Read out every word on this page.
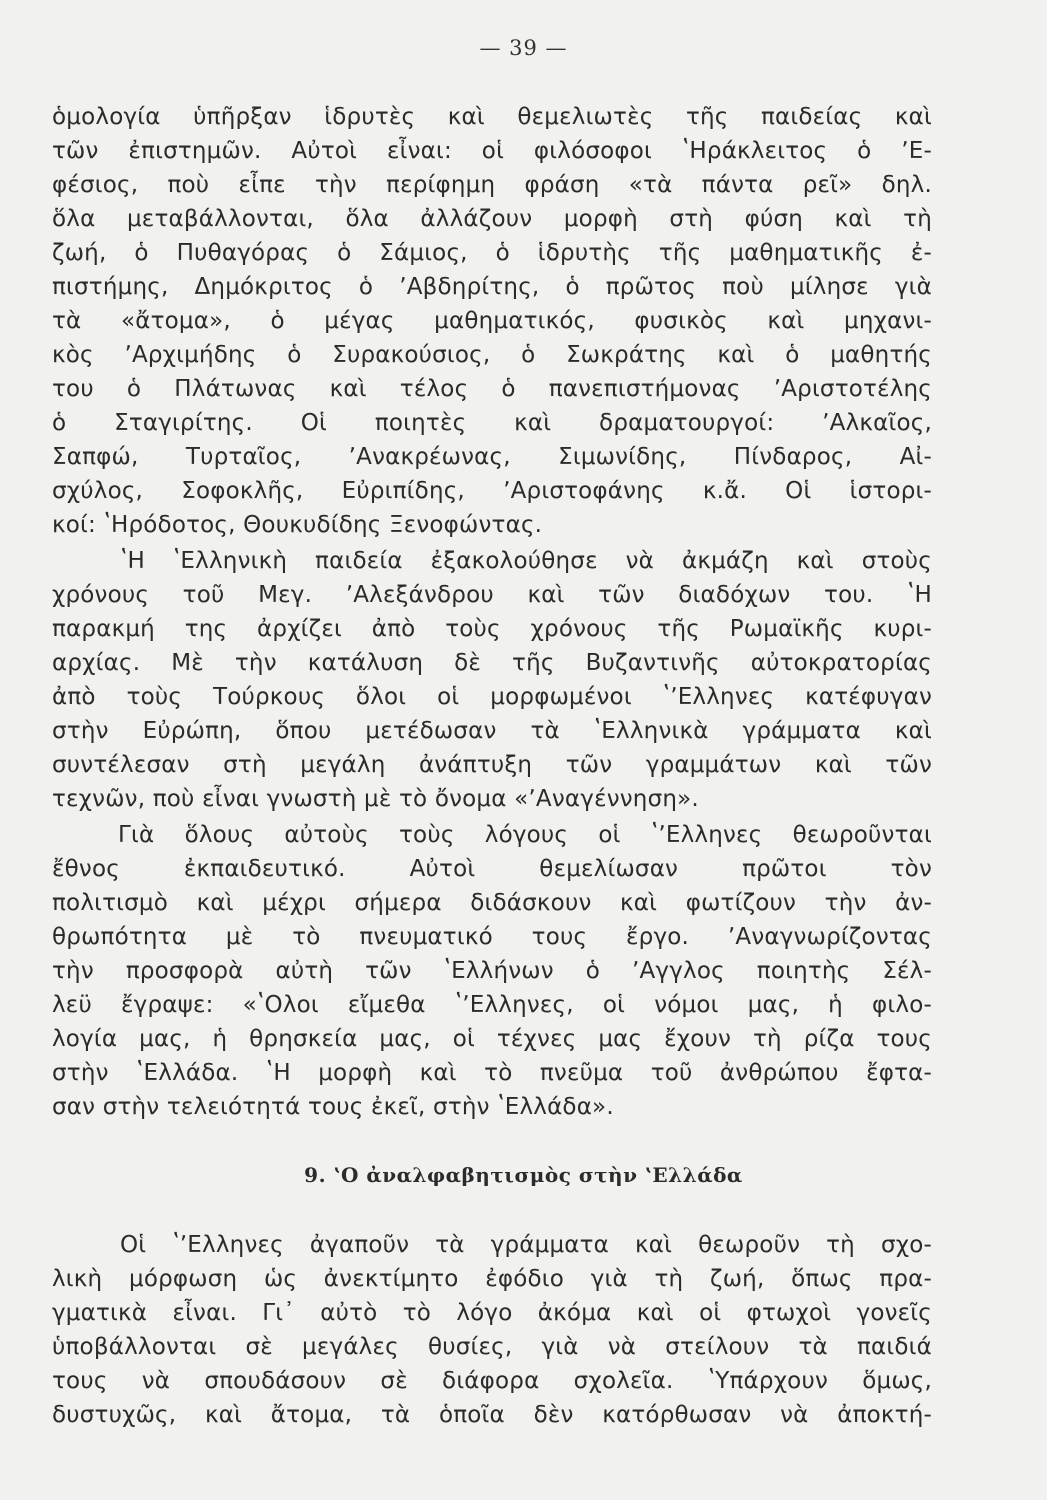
— 39 —
ὁμολογία ὑπῆρξαν ἱδρυτὲς καὶ θεμελιωτὲς τῆς παιδείας καὶ
τῶν ἐπιστημῶν. Αὐτοὶ εἶναι: οἱ φιλόσοφοι ʽΗράκλειτος ὁ ʼΕ-
φέσιος, ποὺ εἶπε τὴν περίφημη φράση «τὰ πάντα ρεῖ» δηλ.
ὅλα μεταβάλλονται, ὅλα ἀλλάζουν μορφὴ στὴ φύση καὶ τὴ
ζωή, ὁ Πυθαγόρας ὁ Σάμιος, ὁ ἱδρυτὴς τῆς μαθηματικῆς ἐ-
πιστήμης, Δημόκριτος ὁ ʼΑβδηρίτης, ὁ πρῶτος ποὺ μίλησε γιὰ
τὰ «ἄτομα», ὁ μέγας μαθηματικός, φυσικὸς καὶ μηχανι-
κὸς ʼΑρχιμήδης ὁ Συρακούσιος, ὁ Σωκράτης καὶ ὁ μαθητής
του ὁ Πλάτωνας καὶ τέλος ὁ πανεπιστήμονας ʼΑριστοτέλης
ὁ Σταγιρίτης. Οἱ ποιητὲς καὶ δραματουργοί: ʼΑλκαῖος,
Σαπφώ, Τυρταῖος, ʼΑνακρέωνας, Σιμωνίδης, Πίνδαρος, Αἰ-
σχύλος, Σοφοκλῆς, Εὐριπίδης, ʼΑριστοφάνης κ.ἄ. Οἱ ἱστορι-
κοί: ʽΗρόδοτος, Θουκυδίδης Ξενοφώντας.
ʽΗ ʽΕλληνικὴ παιδεία ἐξακολούθησε νὰ ἀκμάζη καὶ στοὺς
χρόνους τοῦ Μεγ. ʼΑλεξάνδρου καὶ τῶν διαδόχων του. ʽΗ
παρακμή της ἀρχίζει ἀπὸ τοὺς χρόνους τῆς Ρωμαϊκῆς κυρι-
αρχίας. Μὲ τὴν κατάλυση δὲ τῆς Βυζαντινῆς αὐτοκρατορίας
ἀπὸ τοὺς Τούρκους ὅλοι οἱ μορφωμένοι ʽʼΕλληνες κατέφυγαν
στὴν Εὐρώπη, ὅπου μετέδωσαν τὰ ʽΕλληνικὰ γράμματα καὶ
συντέλεσαν στὴ μεγάλη ἀνάπτυξη τῶν γραμμάτων καὶ τῶν
τεχνῶν, ποὺ εἶναι γνωστὴ μὲ τὸ ὄνομα «ʼΑναγέννηση».
Γιὰ ὅλους αὐτοὺς τοὺς λόγους οἱ ʽʼΕλληνες θεωροῦνται
ἔθνος ἐκπαιδευτικό. Αὐτοὶ θεμελίωσαν πρῶτοι τὸν
πολιτισμὸ καὶ μέχρι σήμερα διδάσκουν καὶ φωτίζουν τὴν ἀν-
θρωπότητα μὲ τὸ πνευματικό τους ἔργο. ʼΑναγνωρίζοντας
τὴν προσφορὰ αὐτὴ τῶν ʽΕλλήνων ὁ ʼΑγγλος ποιητὴς Σέλ-
λεϋ ἔγραψε: «ʽΟλοι εἴμεθα ʽʼΕλληνες, οἱ νόμοι μας, ἡ φιλο-
λογία μας, ἡ θρησκεία μας, οἱ τέχνες μας ἔχουν τὴ ρίζα τους
στὴν ʽΕλλάδα. ʽΗ μορφὴ καὶ τὸ πνεῦμα τοῦ ἀνθρώπου ἔφτα-
σαν στὴν τελειότητά τους ἐκεῖ, στὴν ʽΕλλάδα».
9. ʽΟ ἀναλφαβητισμὸς στὴν ʽΕλλάδα
Οἱ ʽʼΕλληνες ἀγαποῦν τὰ γράμματα καὶ θεωροῦν τὴ σχο-
λικὴ μόρφωση ὡς ἀνεκτίμητο ἐφόδιο γιὰ τὴ ζωή, ὅπως πρα-
γματικὰ εἶναι. Γι᾽ αὐτὸ τὸ λόγο ἀκόμα καὶ οἱ φτωχοὶ γονεῖς
ὑποβάλλονται σὲ μεγάλες θυσίες, γιὰ νὰ στείλουν τὰ παιδιά
τους νὰ σπουδάσουν σὲ διάφορα σχολεῖα. ʽΥπάρχουν ὅμως,
δυστυχῶς, καὶ ἄτομα, τὰ ὁποῖα δὲν κατόρθωσαν νὰ ἀποκτή-
